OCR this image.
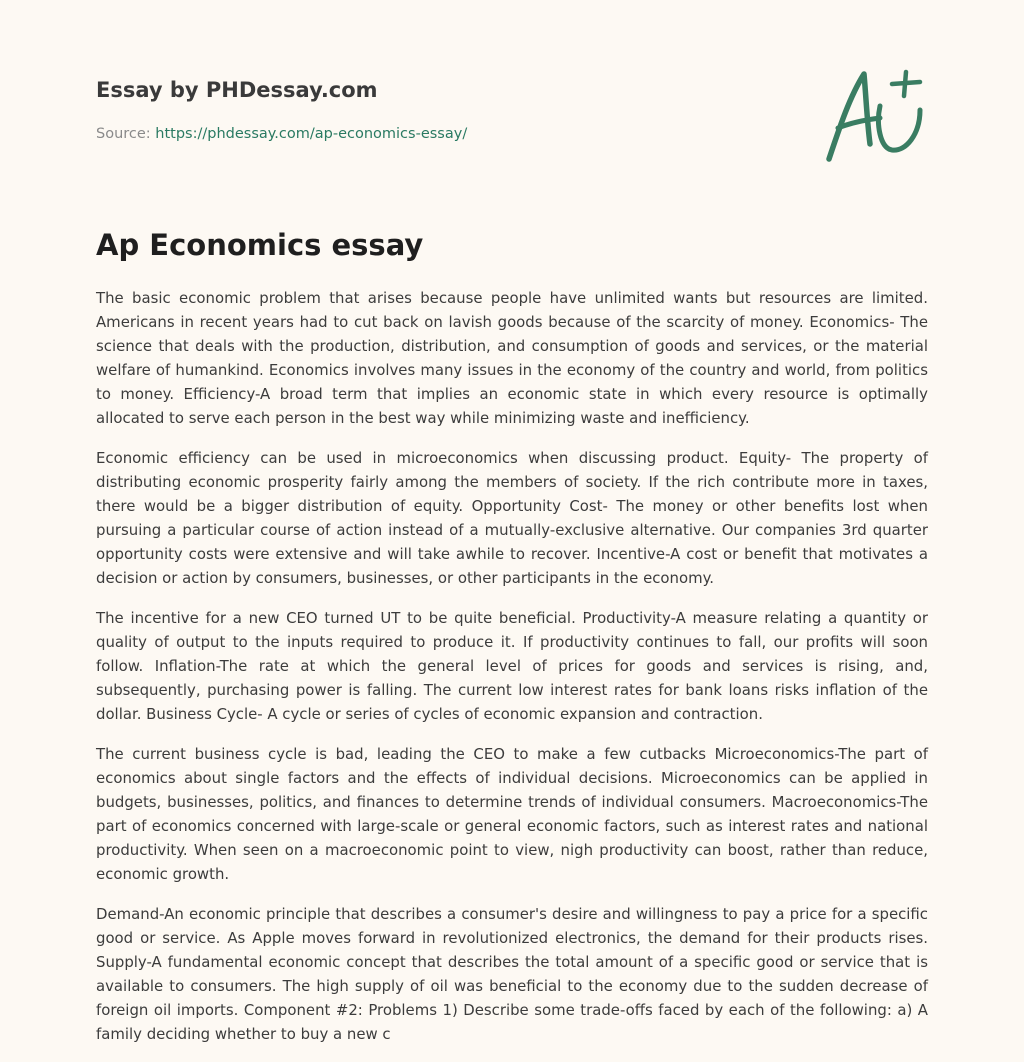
Essay by PHDessay.com
Source: https://phdessay.com/ap-economics-essay/
Ap Economics essay

The basic economic problem that arises because people have unlimited wants but resources are limited. Americans in recent years had to cut back on lavish goods because of the scarcity of money. Economics- The science that deals with the production, distribution, and consumption of goods and services, or the material welfare of humankind. Economics involves many issues in the economy of the country and world, from politics to money. Efficiency-A broad term that implies an economic state in which every resource is optimally allocated to serve each person in the best way while minimizing waste and inefficiency.

Economic efficiency can be used in microeconomics when discussing product. Equity- The property of distributing economic prosperity fairly among the members of society. If the rich contribute more in taxes, there would be a bigger distribution of equity. Opportunity Cost- The money or other benefits lost when pursuing a particular course of action instead of a mutually-exclusive alternative. Our companies 3rd quarter opportunity costs were extensive and will take awhile to recover. Incentive-A cost or benefit that motivates a decision or action by consumers, businesses, or other participants in the economy.

The incentive for a new CEO turned UT to be quite beneficial. Productivity-A measure relating a quantity or quality of output to the inputs required to produce it. If productivity continues to fall, our profits will soon follow. Inflation-The rate at which the general level of prices for goods and services is rising, and, subsequently, purchasing power is falling. The current low interest rates for bank loans risks inflation of the dollar. Business Cycle- A cycle or series of cycles of economic expansion and contraction.

The current business cycle is bad, leading the CEO to make a few cutbacks Microeconomics-The part of economics about single factors and the effects of individual decisions. Microeconomics can be applied in budgets, businesses, politics, and finances to determine trends of individual consumers. Macroeconomics-The part of economics concerned with large-scale or general economic factors, such as interest rates and national productivity. When seen on a macroeconomic point to view, nigh productivity can boost, rather than reduce, economic growth.

Demand-An economic principle that describes a consumer's desire and willingness to pay a price for a specific good or service. As Apple moves forward in revolutionized electronics, the demand for their products rises. Supply-A fundamental economic concept that describes the total amount of a specific good or service that is available to consumers. The high supply of oil was beneficial to the economy due to the sudden decrease of foreign oil imports. Component #2: Problems 1) Describe some trade-offs faced by each of the following: a) A family deciding whether to buy a new c
